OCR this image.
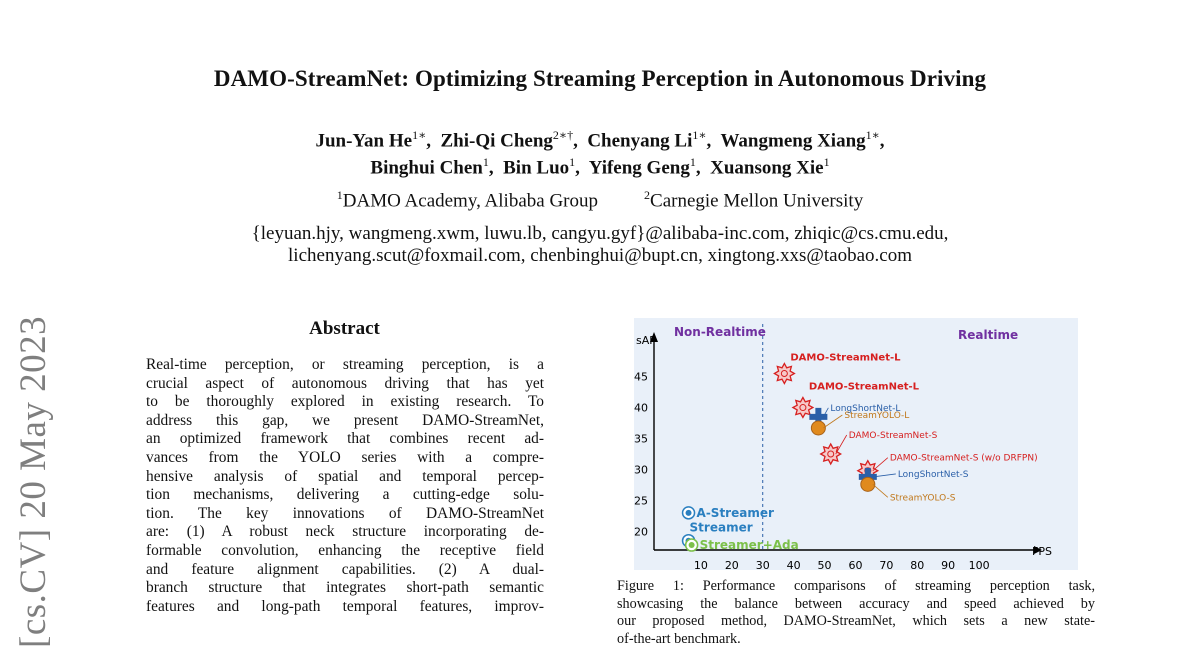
DAMO-StreamNet: Optimizing Streaming Perception in Autonomous Driving
Jun-Yan $He^{1∗}$,  Zhi-Qi Cheng$^{2∗\dagger}$,  Chenyang $Li^{1∗}$,  Wangmeng Xiang$^{1∗}$,
Binghui Chen$^1$,  Bin Luo$^1$,  Yifeng Geng$^1$,  Xuansong Xie$^1$
$^1$DAMO Academy, Alibaba Group	$^2$Carnegie Mellon University
{leyuan.hjy, wangmeng.xwm, luwu.lb, cangyu.gyf}@alibaba-inc.com, zhiqic@cs.cmu.edu,
lichenyang.scut@foxmail.com, chenbinghui@bupt.cn, xingtong.xxs@taobao.com
[cs.CV] 20 May 2023	Abstract
Real-time perception, or streaming perception, is a
crucial aspect of autonomous driving that has yet
to be thoroughly explored in existing research. To
address this gap, we present DAMO-StreamNet,
an optimized framework that combines recent ad-
vances from the YOLO series with a compre-
hensive analysis of spatial and temporal percep-
tion mechanisms, delivering a cutting-edge solu-
tion. The key innovations of DAMO-StreamNet
are: (1) A robust neck structure incorporating de-
formable convolution, enhancing the receptive field
and feature alignment capabilities. (2) A dual-
branch structure that integrates short-path semantic
features and long-path temporal features, improv-
FPS
sAP
10 20 30 40 50 60 70 80 90 100
20
25
30
35
40
45
Non-Realtime	Realtime
DAMO-StreamNet-L
DAMO-StreamNet-L
LongShortNet-L
StreamYOLO-L
DAMO-StreamNet-S
DAMO-StreamNet-S (w/o DRFPN)
LongShortNet-S
StreamYOLO-S
A-Streamer
Streamer
Streamer+Ada
Figure 1: Performance comparisons of streaming perception task,
showcasing the balance between accuracy and speed achieved by
our proposed method, DAMO-StreamNet, which sets a new state-
of-the-art benchmark.
